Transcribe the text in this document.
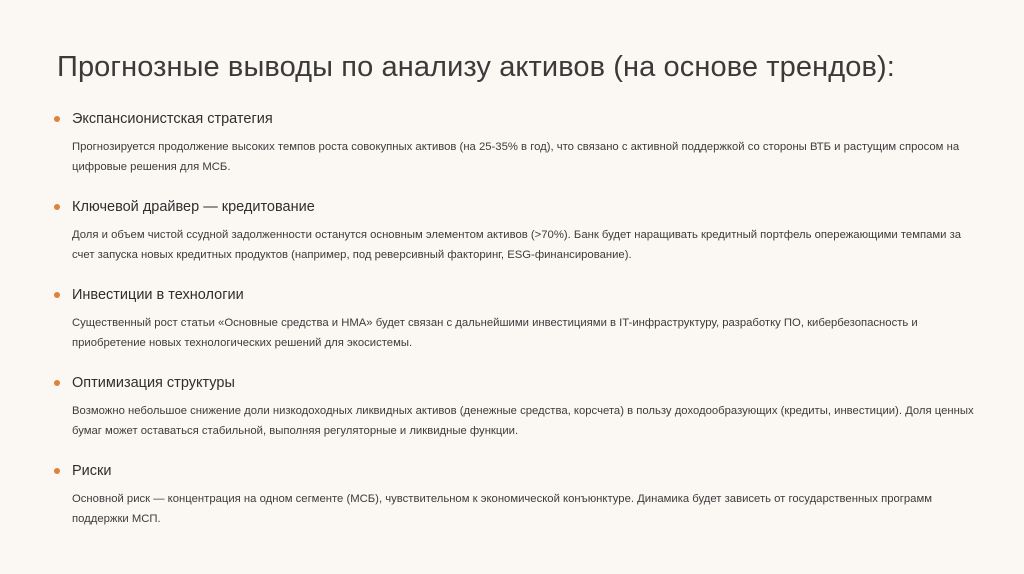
Прогнозные выводы по анализу активов (на основе трендов):
Экспансионистская стратегия
Прогнозируется продолжение высоких темпов роста совокупных активов (на 25-35% в год), что связано с активной поддержкой со стороны ВТБ и растущим спросом на цифровые решения для МСБ.
Ключевой драйвер — кредитование
Доля и объем чистой ссудной задолженности останутся основным элементом активов (>70%). Банк будет наращивать кредитный портфель опережающими темпами за счет запуска новых кредитных продуктов (например, под реверсивный факторинг, ESG-финансирование).
Инвестиции в технологии
Существенный рост статьи «Основные средства и НМА» будет связан с дальнейшими инвестициями в IT-инфраструктуру, разработку ПО, кибербезопасность и приобретение новых технологических решений для экосистемы.
Оптимизация структуры
Возможно небольшое снижение доли низкодоходных ликвидных активов (денежные средства, корсчета) в пользу доходообразующих (кредиты, инвестиции). Доля ценных бумаг может оставаться стабильной, выполняя регуляторные и ликвидные функции.
Риски
Основной риск — концентрация на одном сегменте (МСБ), чувствительном к экономической конъюнктуре. Динамика будет зависеть от государственных программ поддержки МСП.
